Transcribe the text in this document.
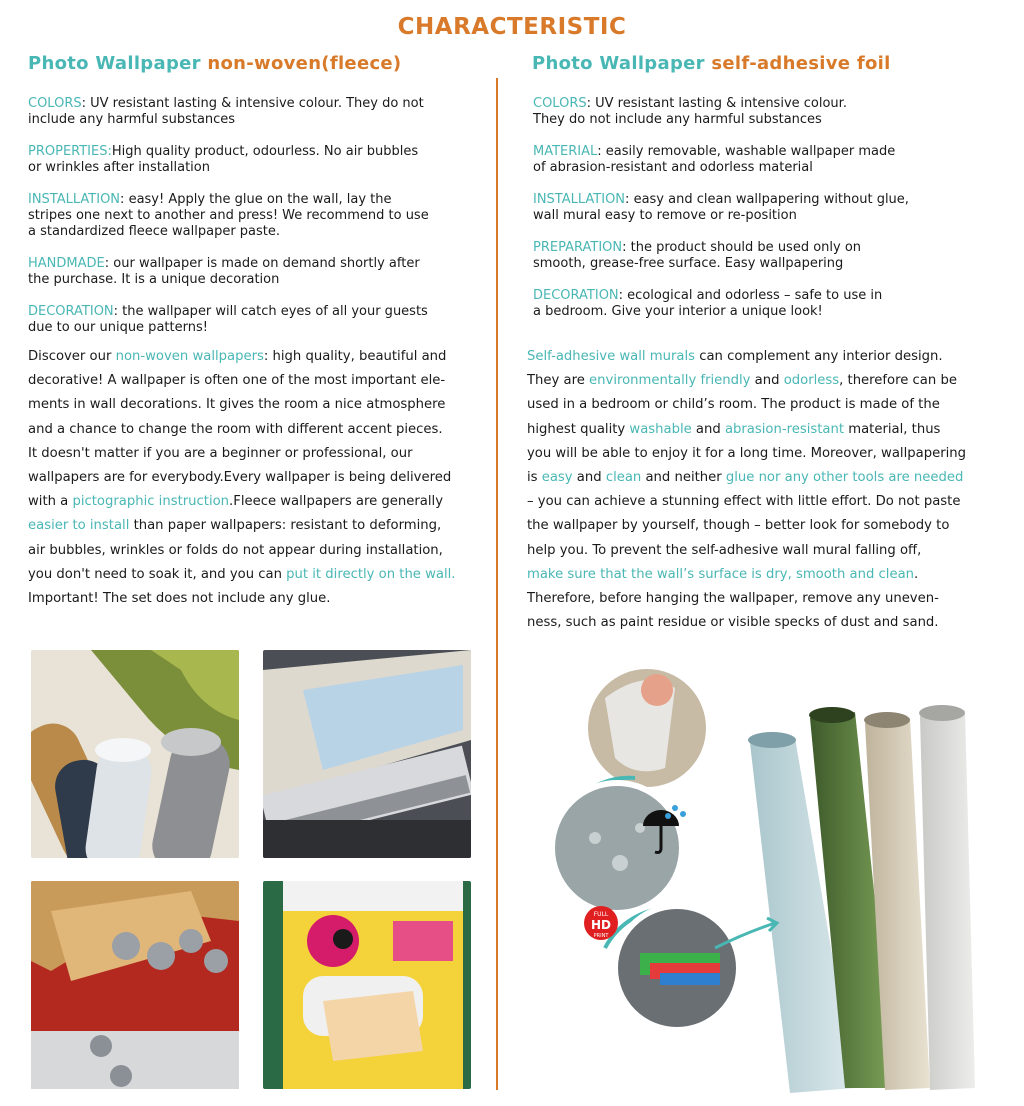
CHARACTERISTIC
Photo Wallpaper non-woven(fleece)	Photo Wallpaper self-adhesive foil
COLORS: UV resistant lasting & intensive colour. They do not
include any harmful substances
PROPERTIES:High quality product, odourless. No air bubbles
or wrinkles after installation
INSTALLATION: easy! Apply the glue on the wall, lay the
stripes one next to another and press! We recommend to use
a standardized fleece wallpaper paste.
HANDMADE: our wallpaper is made on demand shortly after
the purchase. It is a unique decoration
DECORATION: the wallpaper will catch eyes of all your guests
due to our unique patterns!
Discover our non-woven wallpapers: high quality, beautiful and
decorative! A wallpaper is often one of the most important ele-
ments in wall decorations. It gives the room a nice atmosphere
and a chance to change the room with different accent pieces.
It doesn't matter if you are a beginner or professional, our
wallpapers are for everybody.Every wallpaper is being delivered
with a pictographic instruction.Fleece wallpapers are generally
easier to install than paper wallpapers: resistant to deforming,
air bubbles, wrinkles or folds do not appear during installation,
you don't need to soak it, and you can put it directly on the wall.
Important! The set does not include any glue.
COLORS: UV resistant lasting & intensive colour.
They do not include any harmful substances
MATERIAL: easily removable, washable wallpaper made
of abrasion-resistant and odorless material
INSTALLATION: easy and clean wallpapering without glue,
wall mural easy to remove or re-position
PREPARATION: the product should be used only on
smooth, grease-free surface. Easy wallpapering
DECORATION: ecological and odorless – safe to use in
a bedroom. Give your interior a unique look!
Self-adhesive wall murals can complement any interior design.
They are environmentally friendly and odorless, therefore can be
used in a bedroom or child’s room. The product is made of the
highest quality washable and abrasion-resistant material, thus
you will be able to enjoy it for a long time. Moreover, wallpapering
is easy and clean and neither glue nor any other tools are needed
– you can achieve a stunning effect with little effort. Do not paste
the wallpaper by yourself, though – better look for somebody to
help you. To prevent the self-adhesive wall mural falling off,
make sure that the wall’s surface is dry, smooth and clean.
Therefore, before hanging the wallpaper, remove any uneven-
ness, such as paint residue or visible specks of dust and sand.
FULL
HD
PRINT
